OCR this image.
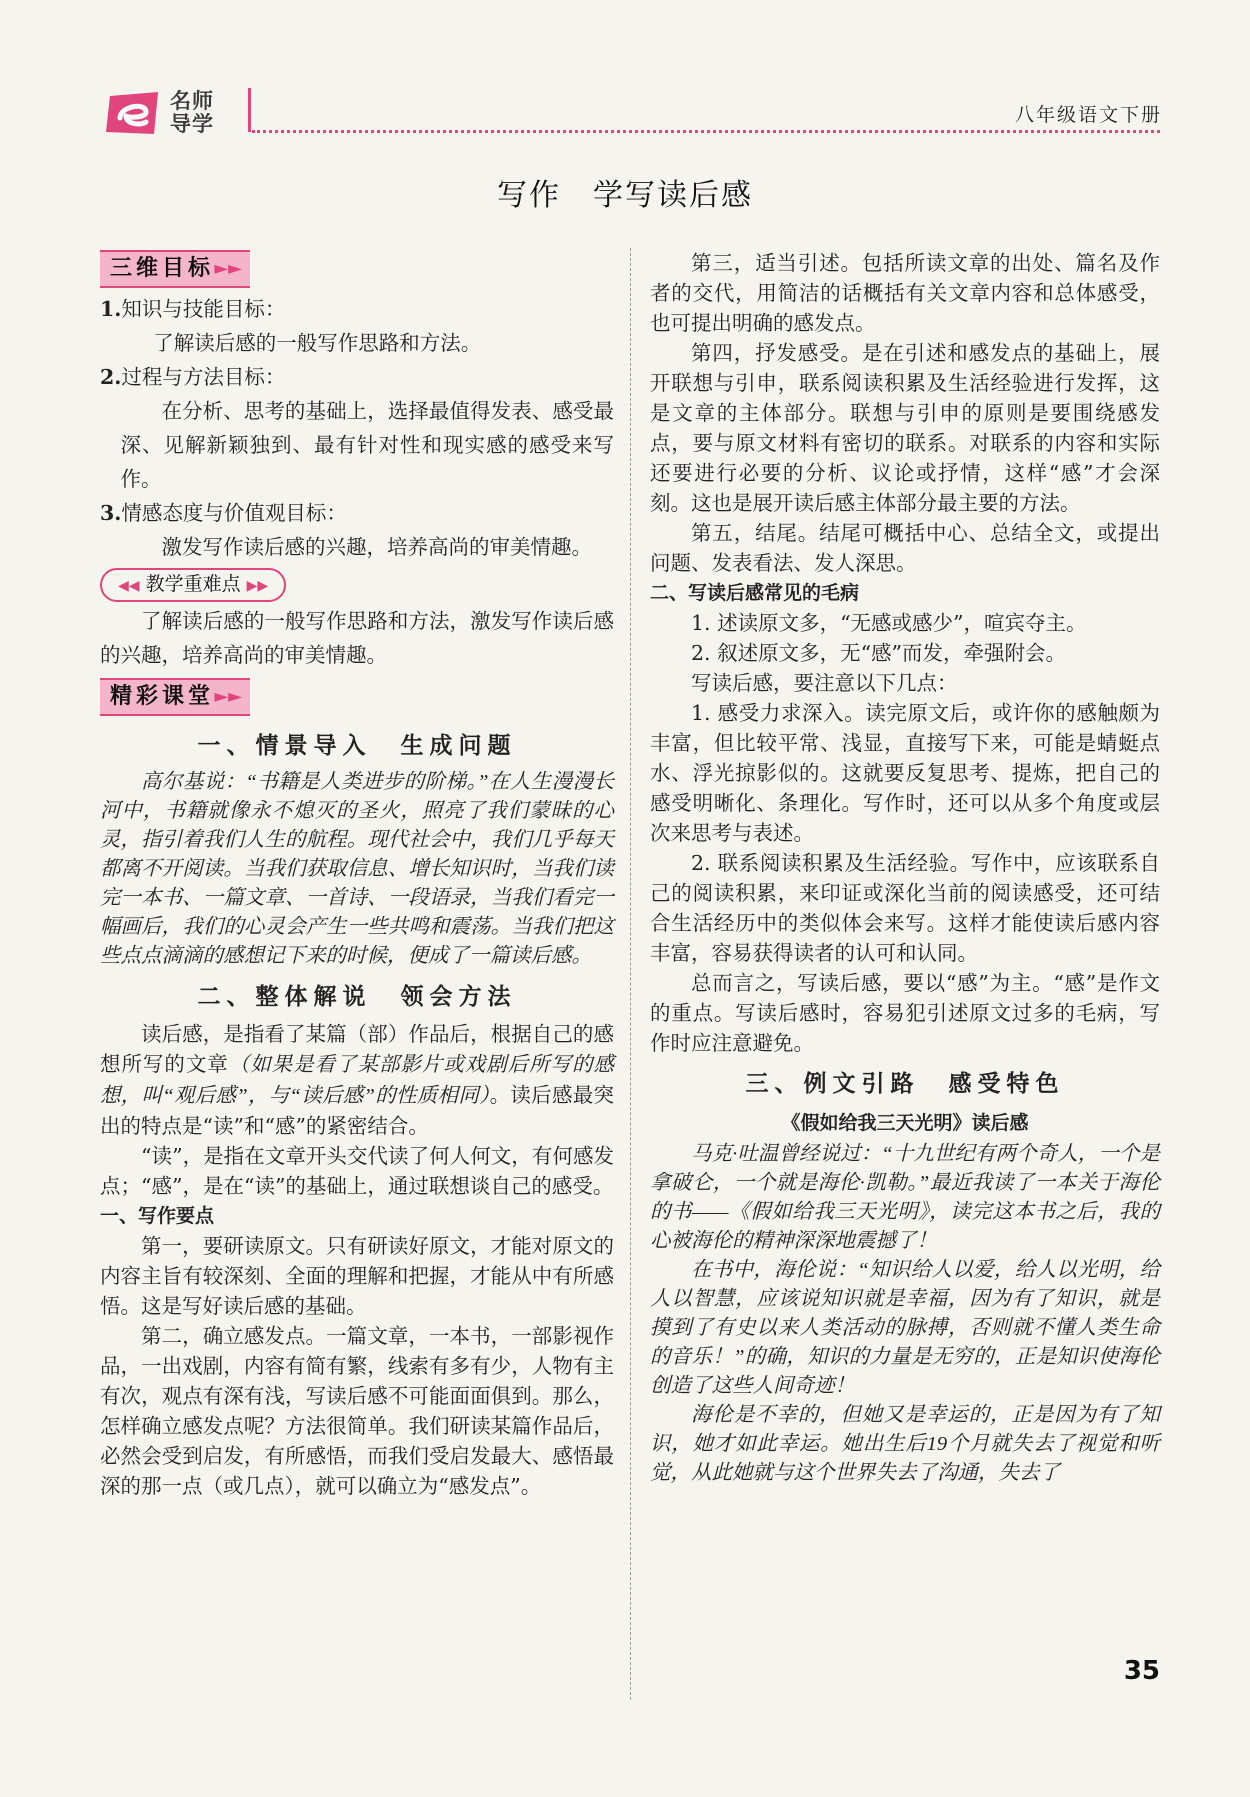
名师
导学	八年级语文下册
写作　学写读后感
三维目标 ►►

1.知识与技能目标：

了解读后感的一般写作思路和方法。

2.过程与方法目标：

在分析、思考的基础上，选择最值得发表、感受最深、见解新颖独到、最有针对性和现实感的感受来写作。

3.情感态度与价值观目标：

激发写作读后感的兴趣，培养高尚的审美情趣。

◀◀ 教学重难点 ▶▶

了解读后感的一般写作思路和方法，激发写作读后感的兴趣，培养高尚的审美情趣。

精彩课堂 ►►
一、情景导入　生成问题

高尔基说：“书籍是人类进步的阶梯。”在人生漫漫长河中，书籍就像永不熄灭的圣火，照亮了我们蒙昧的心灵，指引着我们人生的航程。现代社会中，我们几乎每天都离不开阅读。当我们获取信息、增长知识时，当我们读完一本书、一篇文章、一首诗、一段语录，当我们看完一幅画后，我们的心灵会产生一些共鸣和震荡。当我们把这些点点滴滴的感想记下来的时候，便成了一篇读后感。

二、整体解说　领会方法

读后感，是指看了某篇（部）作品后，根据自己的感想所写的文章（如果是看了某部影片或戏剧后所写的感想，叫“观后感”，与“读后感”的性质相同）。读后感最突出的特点是“读”和“感”的紧密结合。

“读”，是指在文章开头交代读了何人何文，有何感发点；“感”，是在“读”的基础上，通过联想谈自己的感受。

一、写作要点

第一，要研读原文。只有研读好原文，才能对原文的内容主旨有较深刻、全面的理解和把握，才能从中有所感悟。这是写好读后感的基础。

第二，确立感发点。一篇文章，一本书，一部影视作品，一出戏剧，内容有简有繁，线索有多有少，人物有主有次，观点有深有浅，写读后感不可能面面俱到。那么，怎样确立感发点呢？方法很简单。我们研读某篇作品后，必然会受到启发，有所感悟，而我们受启发最大、感悟最深的那一点（或几点），就可以确立为“感发点”。

第三，适当引述。包括所读文章的出处、篇名及作者的交代，用简洁的话概括有关文章内容和总体感受，也可提出明确的感发点。

第四，抒发感受。是在引述和感发点的基础上，展开联想与引申，联系阅读积累及生活经验进行发挥，这是文章的主体部分。联想与引申的原则是要围绕感发点，要与原文材料有密切的联系。对联系的内容和实际还要进行必要的分析、议论或抒情，这样“感”才会深刻。这也是展开读后感主体部分最主要的方法。

第五，结尾。结尾可概括中心、总结全文，或提出问题、发表看法、发人深思。

二、写读后感常见的毛病

1. 述读原文多，“无感或感少”，喧宾夺主。

2. 叙述原文多，无“感”而发，牵强附会。

写读后感，要注意以下几点：

1. 感受力求深入。读完原文后，或许你的感触颇为丰富，但比较平常、浅显，直接写下来，可能是蜻蜓点水、浮光掠影似的。这就要反复思考、提炼，把自己的感受明晰化、条理化。写作时，还可以从多个角度或层次来思考与表述。

2. 联系阅读积累及生活经验。写作中，应该联系自己的阅读积累，来印证或深化当前的阅读感受，还可结合生活经历中的类似体会来写。这样才能使读后感内容丰富，容易获得读者的认可和认同。

总而言之，写读后感，要以“感”为主。“感”是作文的重点。写读后感时，容易犯引述原文过多的毛病，写作时应注意避免。

三、例文引路　感受特色
《假如给我三天光明》读后感

马克·吐温曾经说过：“十九世纪有两个奇人，一个是拿破仑，一个就是海伦·凯勒。”最近我读了一本关于海伦的书——《假如给我三天光明》，读完这本书之后，我的心被海伦的精神深深地震撼了！

在书中，海伦说：“知识给人以爱，给人以光明，给人以智慧，应该说知识就是幸福，因为有了知识，就是摸到了有史以来人类活动的脉搏，否则就不懂人类生命的音乐！”的确，知识的力量是无穷的，正是知识使海伦创造了这些人间奇迹！

海伦是不幸的，但她又是幸运的，正是因为有了知识，她才如此幸运。她出生后19个月就失去了视觉和听觉，从此她就与这个世界失去了沟通，失去了

35
